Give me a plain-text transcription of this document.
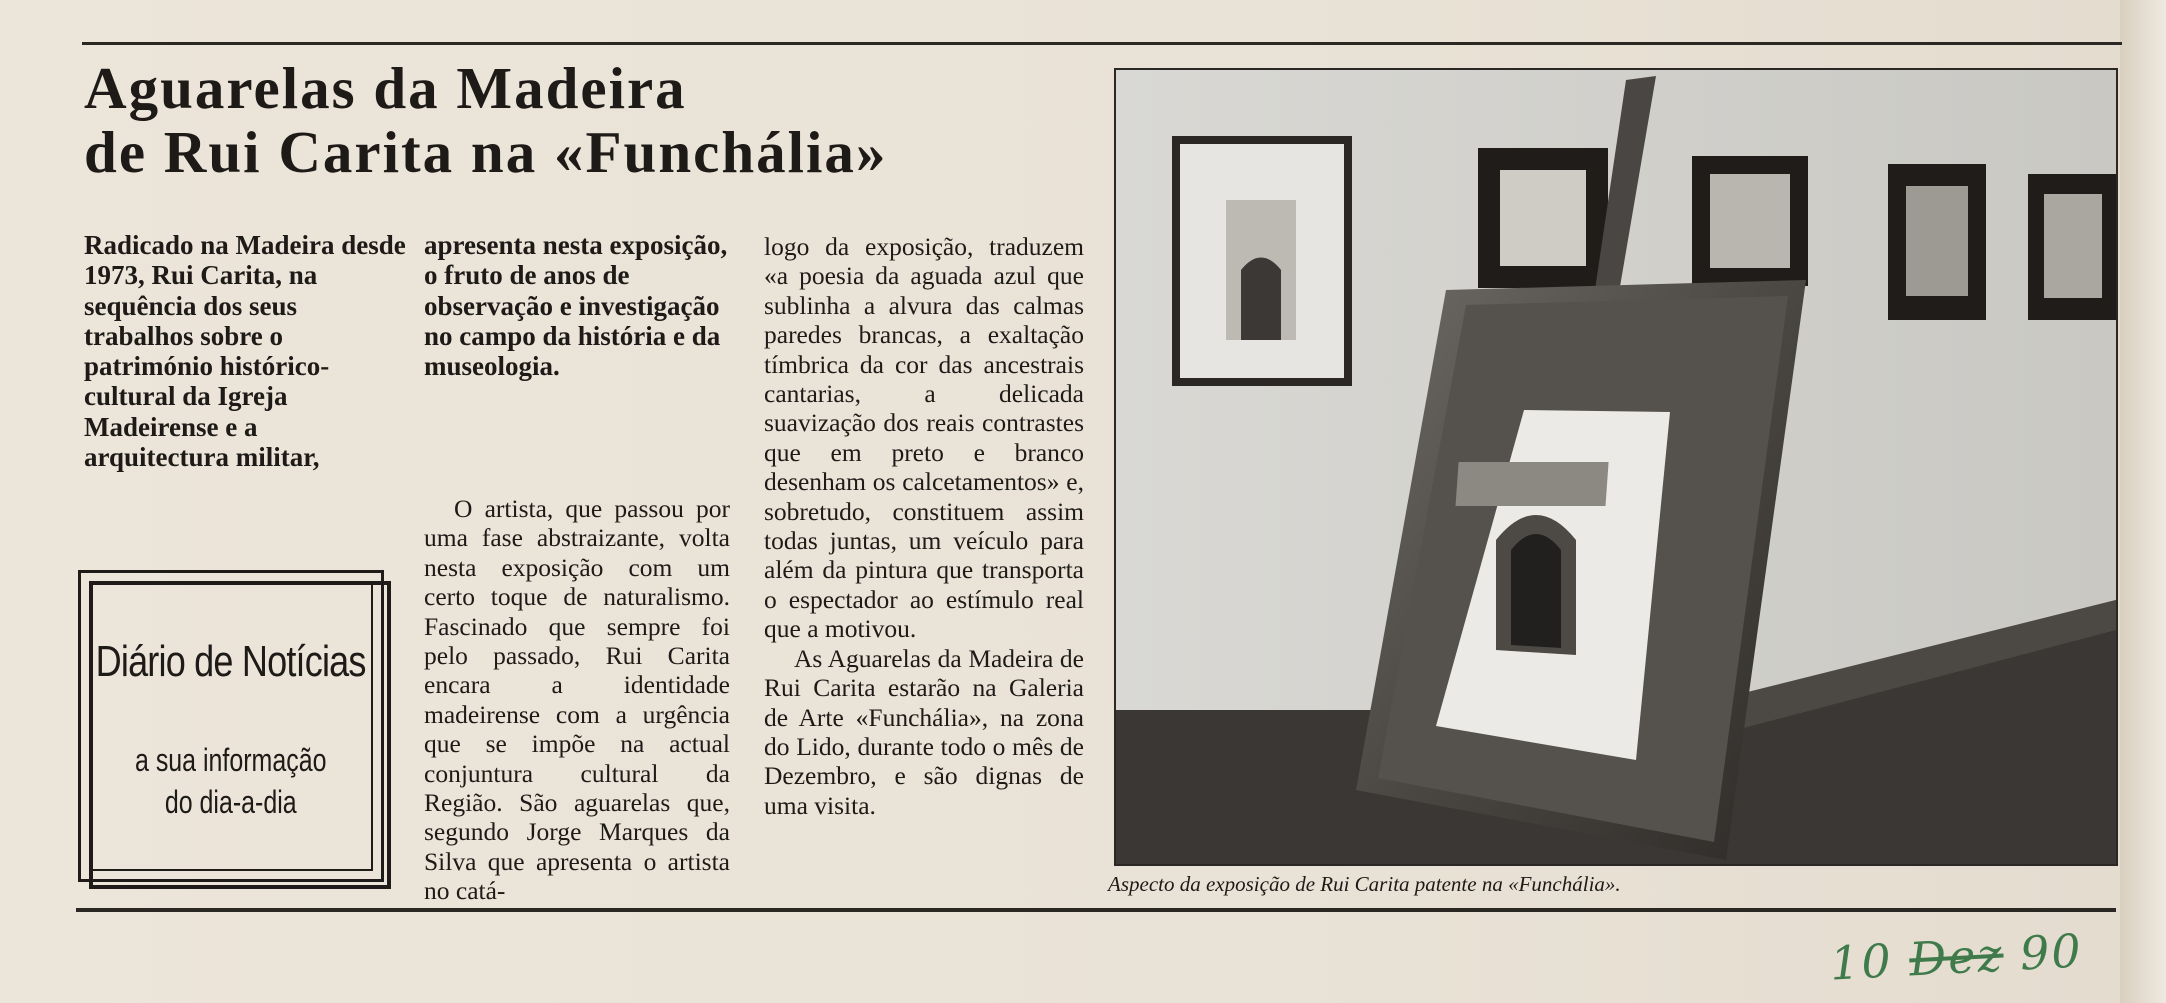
Aguarelas da Madeira
de Rui Carita na «Funchália»

Radicado na Madeira desde 1973, Rui Carita, na sequência dos seus trabalhos sobre o património histórico-cultural da Igreja Madeirense e a arquitectura militar,

apresenta nesta exposição, o fruto de anos de observação e investigação no campo da história e da museologia.

O artista, que passou por uma fase abstraizante, volta nesta exposição com um certo toque de naturalismo. Fascinado que sempre foi pelo passado, Rui Carita encara a identidade madeirense com a urgência que se impõe na actual conjuntura cultural da Região. São aguarelas que, segundo Jorge Marques da Silva que apresenta o artista no catá-

logo da exposição, traduzem «a poesia da aguada azul que sublinha a alvura das calmas paredes brancas, a exaltação tímbrica da cor das ancestrais cantarias, a delicada suavização dos reais contrastes que em preto e branco desenham os calcetamentos» e, sobretudo, constituem assim todas juntas, um veículo para além da pintura que transporta o espectador ao estímulo real que a motivou.
As Aguarelas da Madeira de Rui Carita estarão na Galeria de Arte «Funchália», na zona do Lido, durante todo o mês de Dezembro, e são dignas de uma visita.
Diário de Notícias
a sua informação
do dia-a-dia

Aspecto da exposição de Rui Carita patente na «Funchália».

10 Dez 90
